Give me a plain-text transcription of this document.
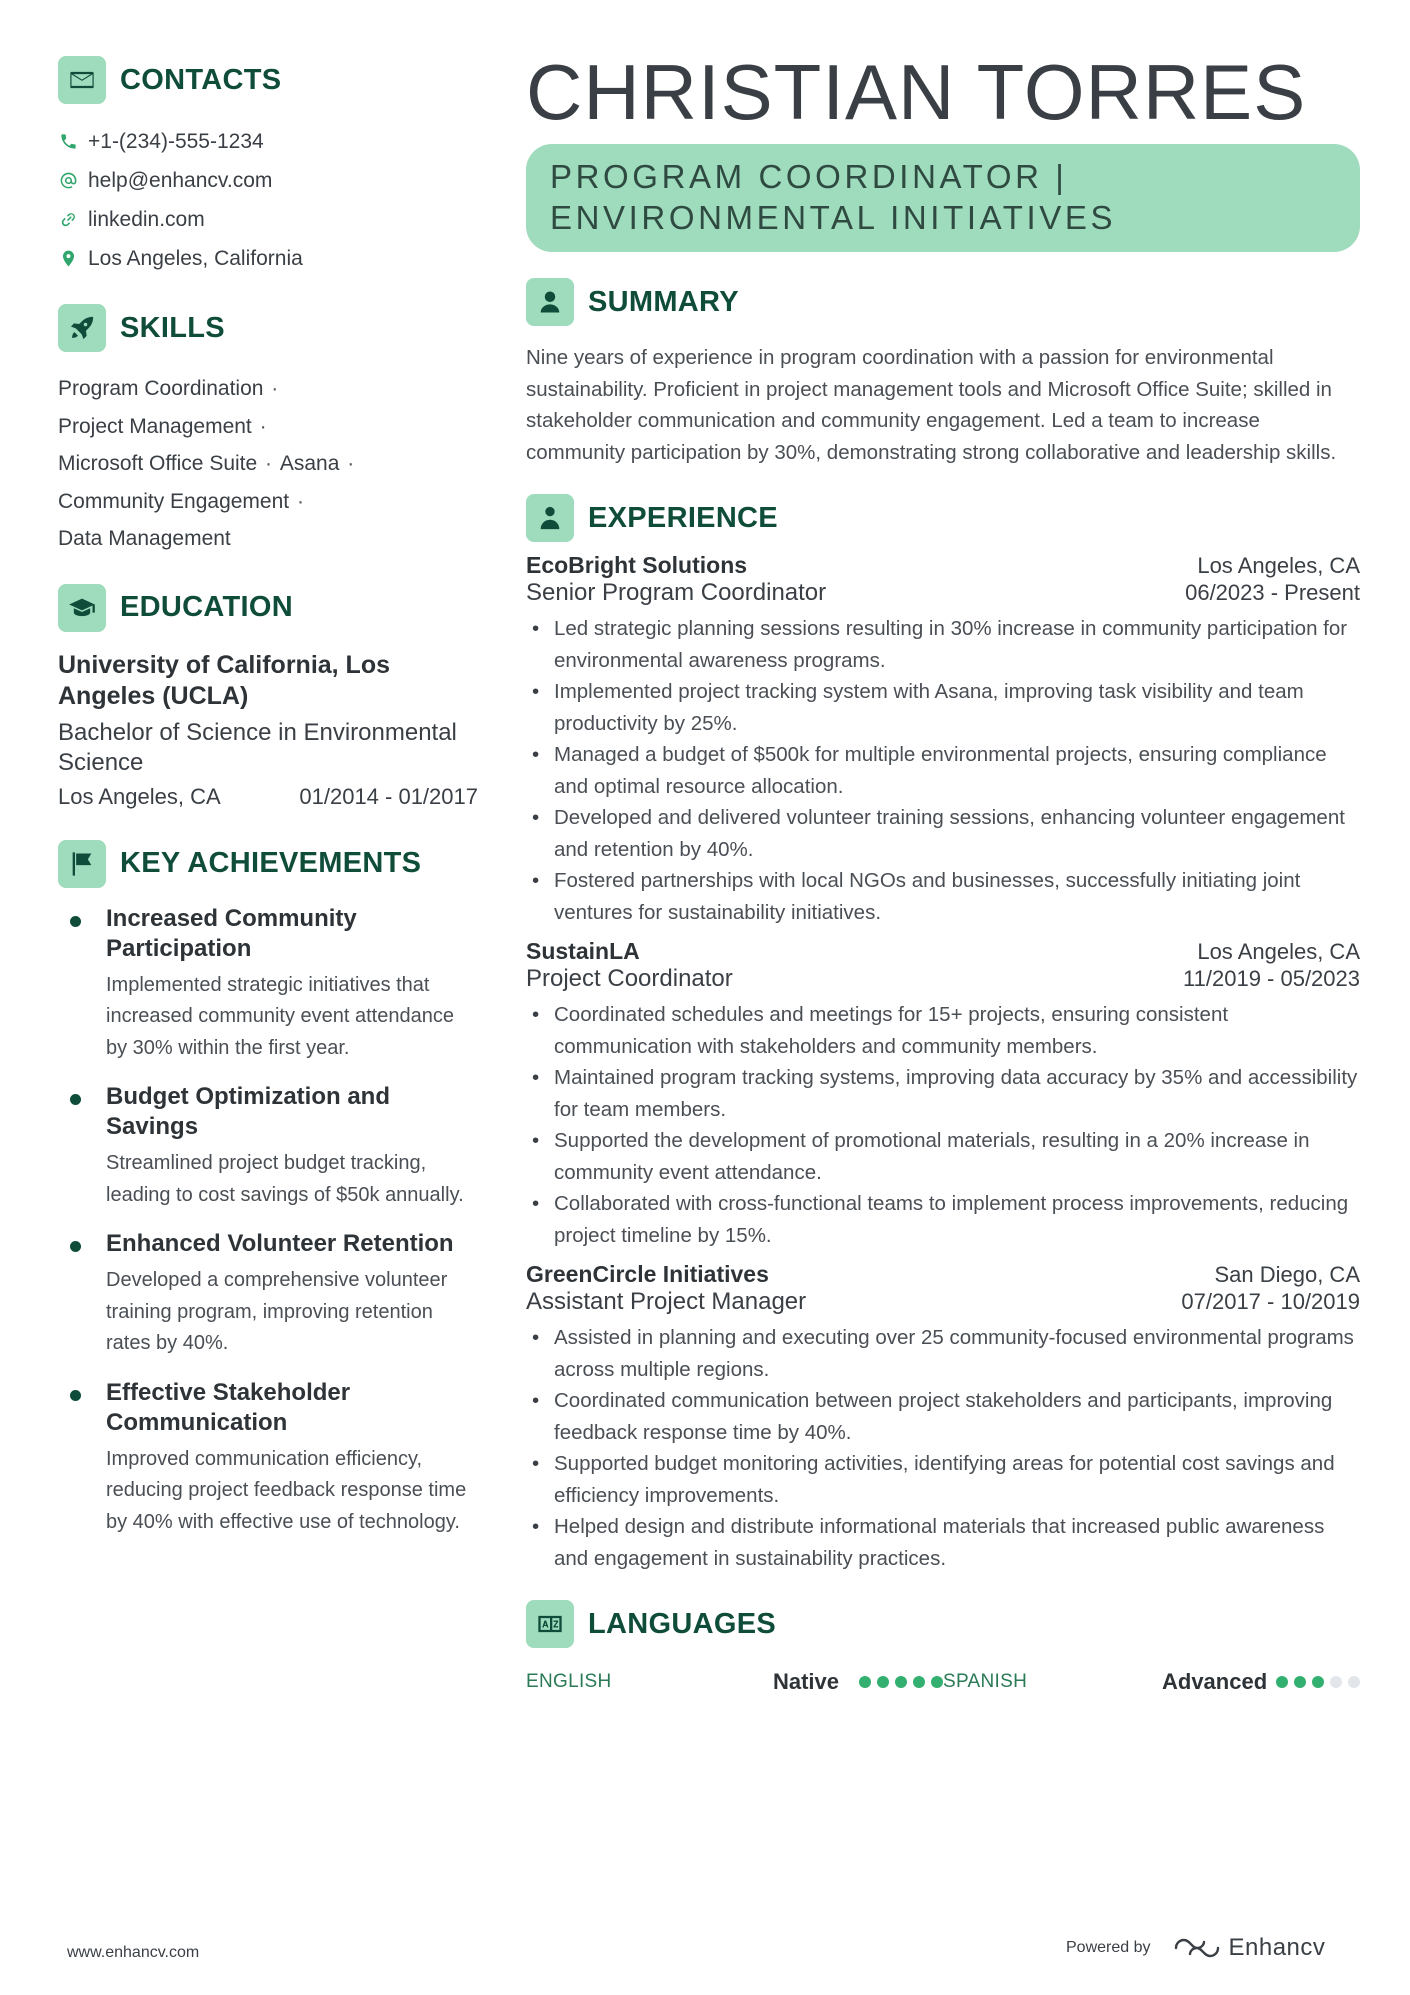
CONTACTS
+1-(234)-555-1234
help@enhancv.com
linkedin.com
Los Angeles, California
SKILLS
Program Coordination ·
Project Management ·
Microsoft Office Suite · Asana ·
Community Engagement ·
Data Management
EDUCATION
University of California, Los Angeles (UCLA)
Bachelor of Science in Environmental Science
Los Angeles, CA	01/2014 - 01/2017
KEY ACHIEVEMENTS
Increased Community Participation
Implemented strategic initiatives that increased community event attendance by 30% within the first year.
Budget Optimization and Savings
Streamlined project budget tracking, leading to cost savings of $50k annually.
Enhanced Volunteer Retention
Developed a comprehensive volunteer training program, improving retention rates by 40%.
Effective Stakeholder Communication
Improved communication efficiency, reducing project feedback response time by 40% with effective use of technology.
CHRISTIAN TORRES
PROGRAM COORDINATOR | ENVIRONMENTAL INITIATIVES
SUMMARY
Nine years of experience in program coordination with a passion for environmental sustainability. Proficient in project management tools and Microsoft Office Suite; skilled in stakeholder communication and community engagement. Led a team to increase community participation by 30%, demonstrating strong collaborative and leadership skills.
EXPERIENCE
EcoBright Solutions	Los Angeles, CA
Senior Program Coordinator	06/2023 - Present
• Led strategic planning sessions resulting in 30% increase in community participation for environmental awareness programs.
• Implemented project tracking system with Asana, improving task visibility and team productivity by 25%.
• Managed a budget of $500k for multiple environmental projects, ensuring compliance and optimal resource allocation.
• Developed and delivered volunteer training sessions, enhancing volunteer engagement and retention by 40%.
• Fostered partnerships with local NGOs and businesses, successfully initiating joint ventures for sustainability initiatives.
SustainLA	Los Angeles, CA
Project Coordinator	11/2019 - 05/2023
• Coordinated schedules and meetings for 15+ projects, ensuring consistent communication with stakeholders and community members.
• Maintained program tracking systems, improving data accuracy by 35% and accessibility for team members.
• Supported the development of promotional materials, resulting in a 20% increase in community event attendance.
• Collaborated with cross-functional teams to implement process improvements, reducing project timeline by 15%.
GreenCircle Initiatives	San Diego, CA
Assistant Project Manager	07/2017 - 10/2019
• Assisted in planning and executing over 25 community-focused environmental programs across multiple regions.
• Coordinated communication between project stakeholders and participants, improving feedback response time by 40%.
• Supported budget monitoring activities, identifying areas for potential cost savings and efficiency improvements.
• Helped design and distribute informational materials that increased public awareness and engagement in sustainability practices.
LANGUAGES
ENGLISH	Native	SPANISH	Advanced
www.enhancv.com	Powered by	Enhancv
